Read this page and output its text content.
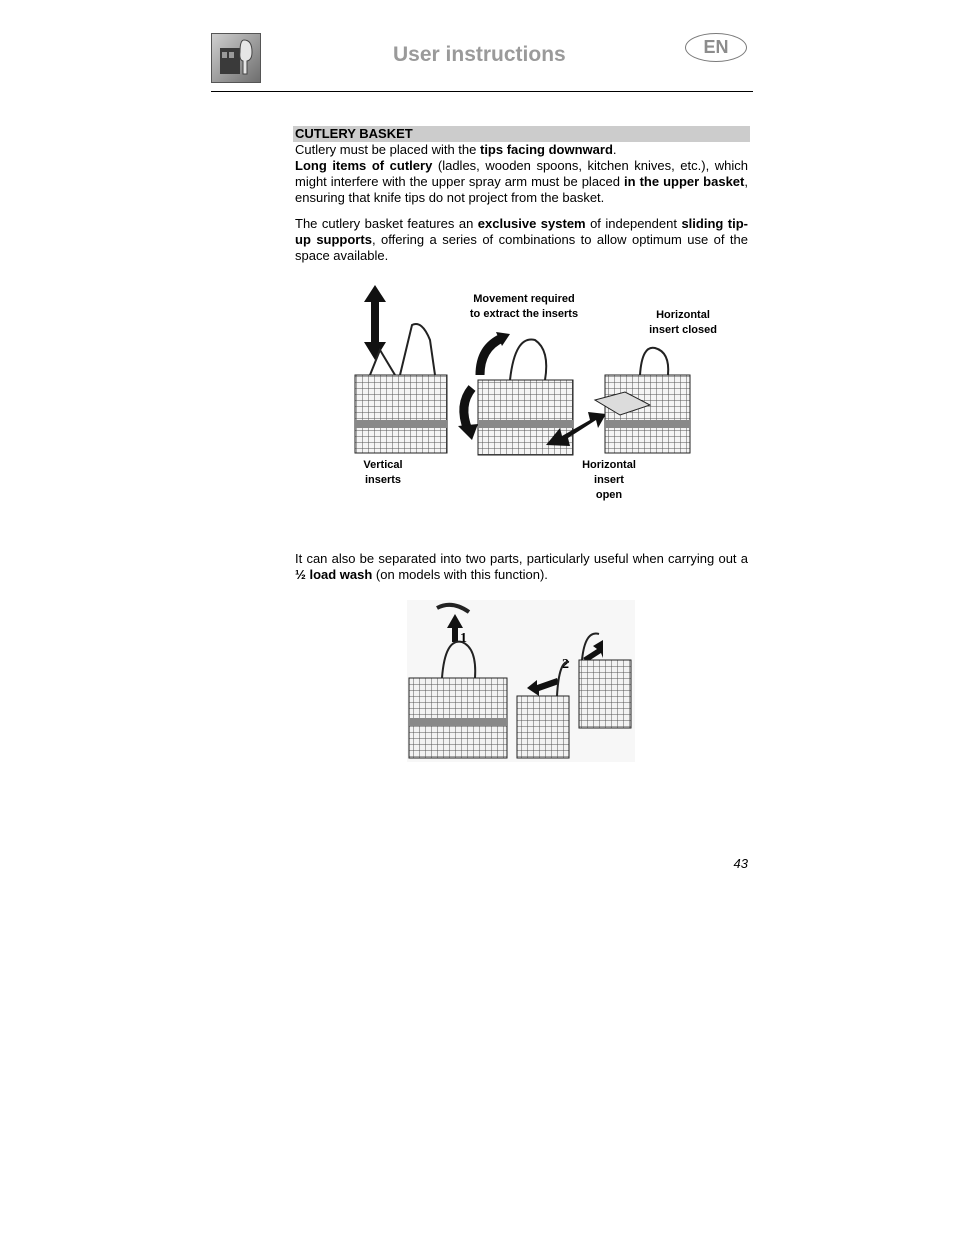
User instructions	EN
CUTLERY BASKET
Cutlery must be placed with the tips facing downward.
Long items of cutlery (ladles, wooden spoons, kitchen knives, etc.), which might interfere with the upper spray arm must be placed in the upper basket, ensuring that knife tips do not project from the basket.
The cutlery basket features an exclusive system of independent sliding tip-up supports, offering a series of combinations to allow optimum use of the space available.
Movement required
to extract the inserts	Horizontal
insert closed
Vertical
inserts
Horizontal
insert
open
It can also be separated into two parts, particularly useful when carrying out a ½ load wash (on models with this function).
1
2
43
